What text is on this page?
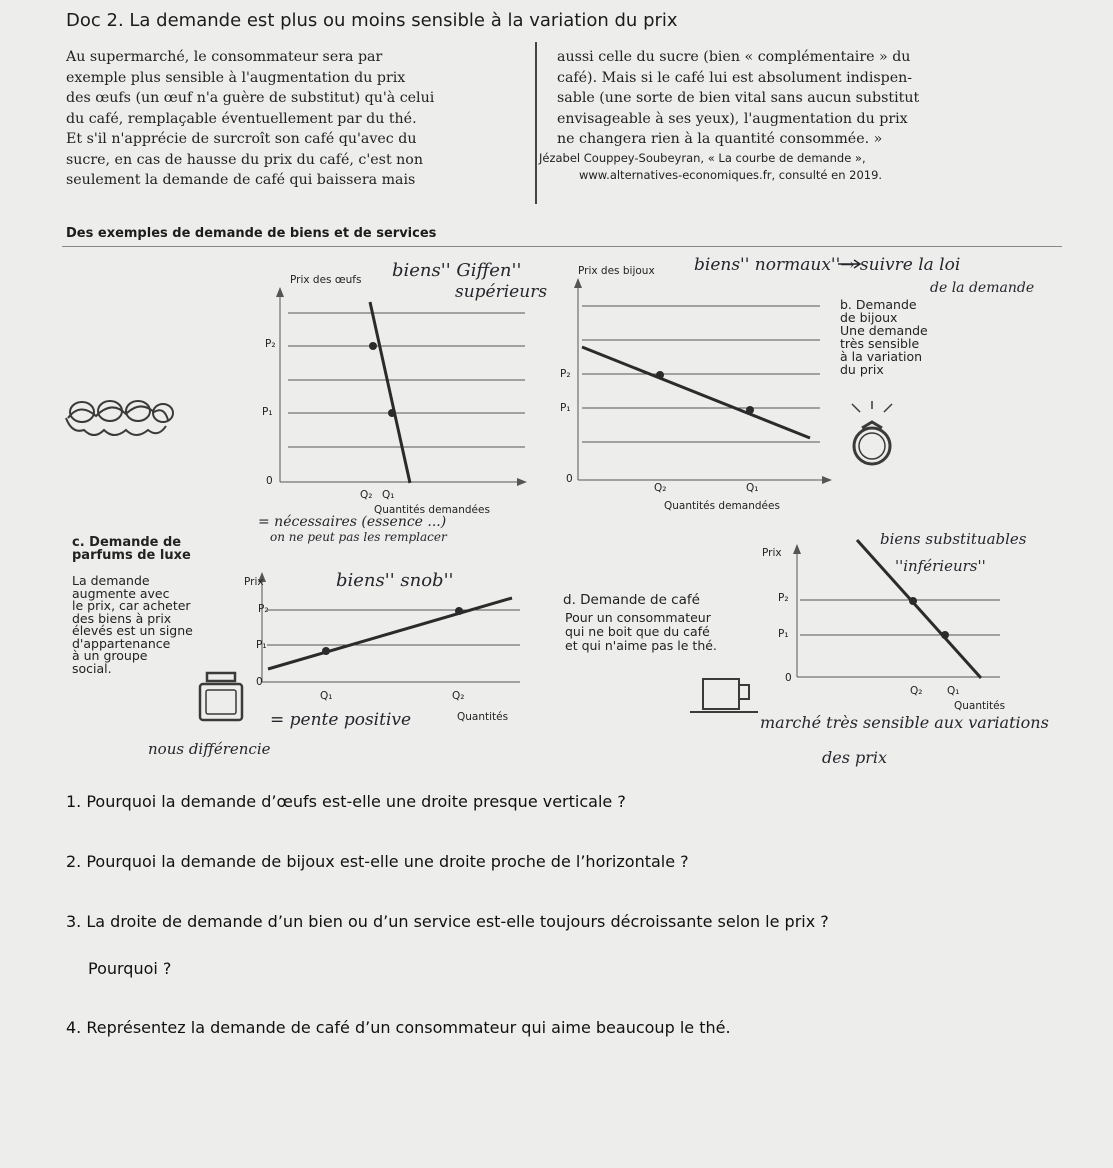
Doc 2. La demande est plus ou moins sensible à la variation du prix
Au supermarché, le consommateur sera par
exemple plus sensible à l'augmentation du prix
des œufs (un œuf n'a guère de substitut) qu'à celui
du café, remplaçable éventuellement par du thé.
Et s'il n'apprécie de surcroît son café qu'avec du
sucre, en cas de hausse du prix du café, c'est non
seulement la demande de café qui baissera mais
aussi celle du sucre (bien « complémentaire » du
café). Mais si le café lui est absolument indispen-
sable (une sorte de bien vital sans aucun substitut
envisageable à ses yeux), l'augmentation du prix
ne changera rien à la quantité consommée. »
Jézabel Couppey-Soubeyran, « La courbe de demande »,
www.alternatives-economiques.fr, consulté en 2019.
Des exemples de demande de biens et de services
Prix des œufs
P₂
P₁
0
Q₂ Q₁
Quantités demandées
Prix des bijoux
P₂
P₁
0
Q₂	Q₁
Quantités demandées
b. Demande
de bijoux
Une demande
très sensible
à la variation
du prix
c. Demande de
parfums de luxe
La demande
augmente avec
le prix, car acheter
des biens à prix
élevés est un signe
d'appartenance
à un groupe
social.
Prix
P₂
P₁
0
Q₁	Q₂
Quantités
d. Demande de café
Pour un consommateur
qui ne boit que du café
et qui n'aime pas le thé.
Prix
P₂
P₁
0
Q₂ Q₁
Quantités
biens'' Giffen''
supérieurs
biens'' normaux''→ suivre la loi
de la demande
= nécessaires (essence ...)
on ne peut pas les remplacer
biens'' snob''
= pente positive
nous différencie
biens substituables
''inférieurs''
marché très sensible aux variations
des prix
1. Pourquoi la demande d’œufs est-elle une droite presque verticale ?
2. Pourquoi la demande de bijoux est-elle une droite proche de l’horizontale ?
3. La droite de demande d’un bien ou d’un service est-elle toujours décroissante selon le prix ?
Pourquoi ?
4. Représentez la demande de café d’un consommateur qui aime beaucoup le thé.
